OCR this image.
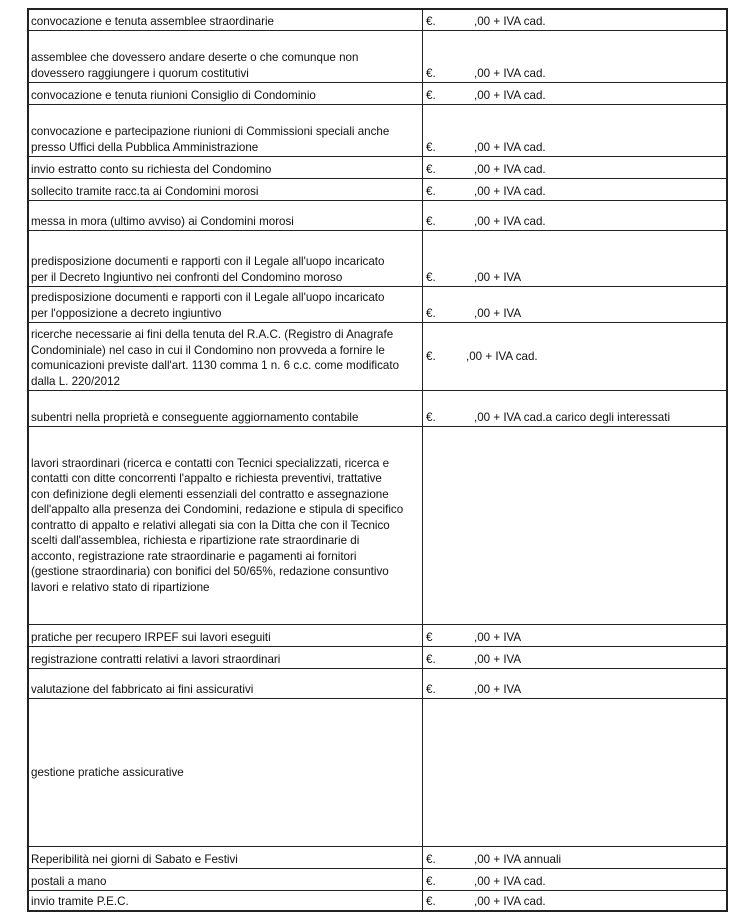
convocazione e tenuta assemblee straordinarie	€.	,00 + IVA cad.
assemblee che dovessero andare deserte o che comunque non
dovessero raggiungere i quorum costitutivi	€.	,00 + IVA cad.
convocazione e tenuta riunioni Consiglio di Condominio	€.	,00 + IVA cad.
convocazione e partecipazione riunioni di Commissioni speciali anche
presso Uffici della Pubblica Amministrazione	€.	,00 + IVA cad.
invio estratto conto su richiesta del Condomino	€.	,00 + IVA cad.
sollecito tramite racc.ta ai Condomini morosi	€.	,00 + IVA cad.
messa in mora (ultimo avviso) ai Condomini morosi	€.	,00 + IVA cad.
predisposizione documenti e rapporti con il Legale all'uopo incaricato
per il Decreto Ingiuntivo nei confronti del Condomino moroso	€.	,00 + IVA
predisposizione documenti e rapporti con il Legale all'uopo incaricato
per l'opposizione a decreto ingiuntivo	€.	,00 + IVA
ricerche necessarie ai fini della tenuta del R.A.C. (Registro di Anagrafe
Condominiale) nel caso in cui il Condomino non provveda a fornire le
comunicazioni previste dall'art. 1130 comma 1 n. 6 c.c. come modificato
dalla L. 220/2012
€.	,00 + IVA cad.
subentri nella proprietà e conseguente aggiornamento contabile	€.	,00 + IVA cad.a carico degli interessati
lavori straordinari (ricerca e contatti con Tecnici specializzati, ricerca e
contatti con ditte concorrenti l'appalto e richiesta preventivi, trattative
con definizione degli elementi essenziali del contratto e assegnazione
dell'appalto alla presenza dei Condomini, redazione e stipula di specifico
contratto di appalto e relativi allegati sia con la Ditta che con il Tecnico
scelti dall'assemblea, richiesta e ripartizione rate straordinarie di
acconto, registrazione rate straordinarie e pagamenti ai fornitori
(gestione straordinaria) con bonifici del 50/65%, redazione consuntivo
lavori e relativo stato di ripartizione
pratiche per recupero IRPEF sui lavori eseguiti	€	,00 + IVA
registrazione contratti relativi a lavori straordinari	€.	,00 + IVA
valutazione del fabbricato ai fini assicurativi	€.	,00 + IVA
gestione pratiche assicurative
Reperibilità nei giorni di Sabato e Festivi	€.	,00 + IVA annuali
postali a mano	€.	,00 + IVA cad.
invio tramite P.E.C.	€.	,00 + IVA cad.
